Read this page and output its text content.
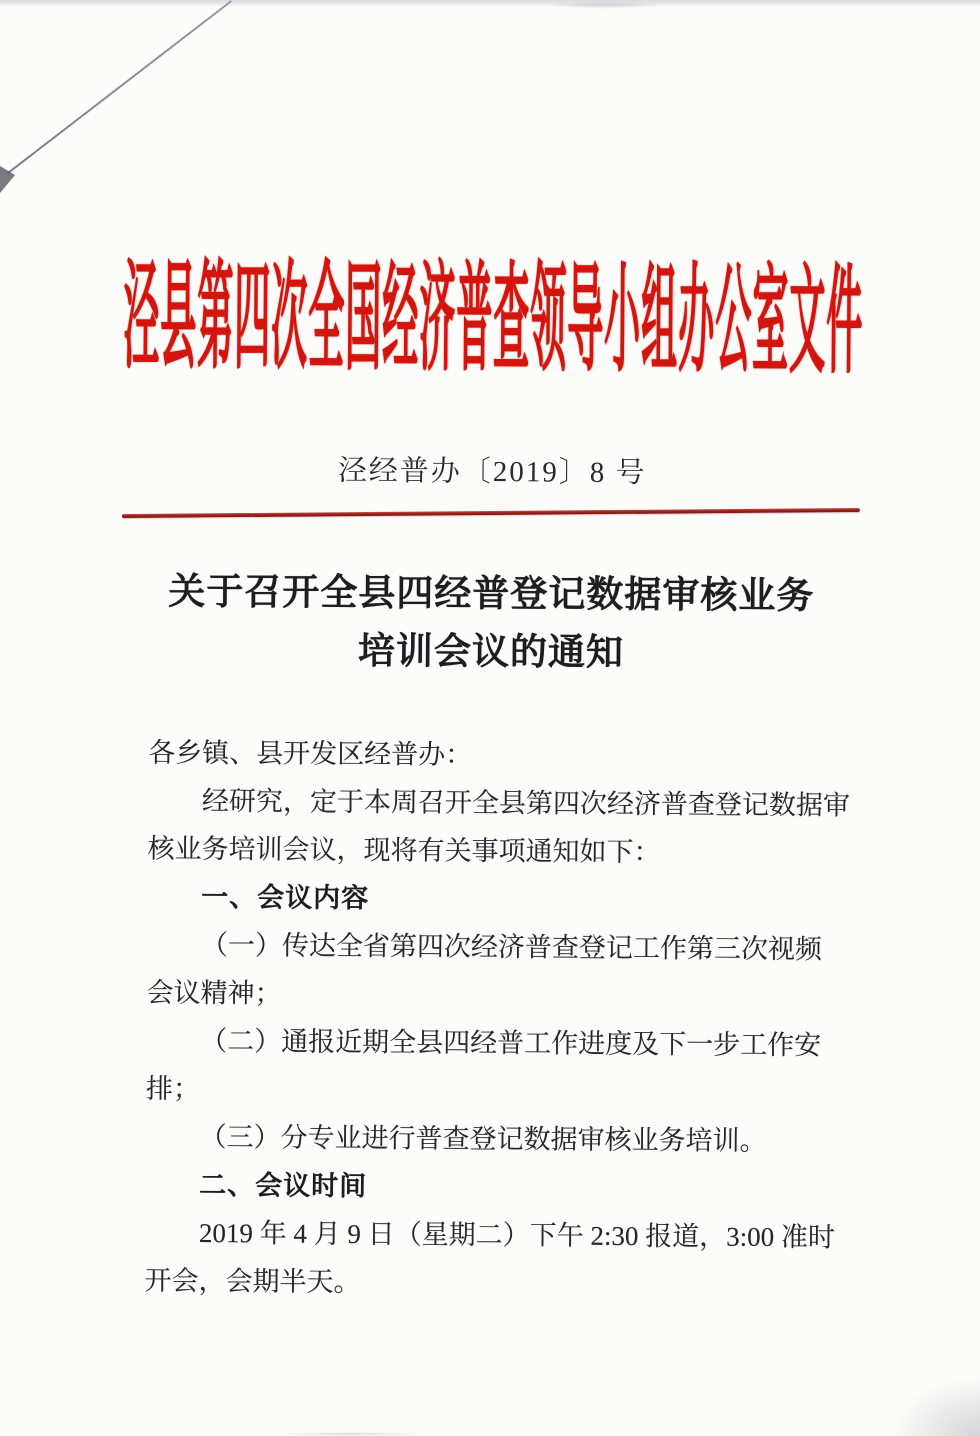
泾县第四次全国经济普查领导小组办公室文件
泾经普办〔2019〕8 号
关于召开全县四经普登记数据审核业务
培训会议的通知
各乡镇、县开发区经普办：
经研究，定于本周召开全县第四次经济普查登记数据审
核业务培训会议，现将有关事项通知如下：
一、会议内容
（一）传达全省第四次经济普查登记工作第三次视频
会议精神；
（二）通报近期全县四经普工作进度及下一步工作安
排；
（三）分专业进行普查登记数据审核业务培训。
二、会议时间
2019 年 4 月 9 日（星期二）下午 2:30 报道，3:00 准时
开会，会期半天。
